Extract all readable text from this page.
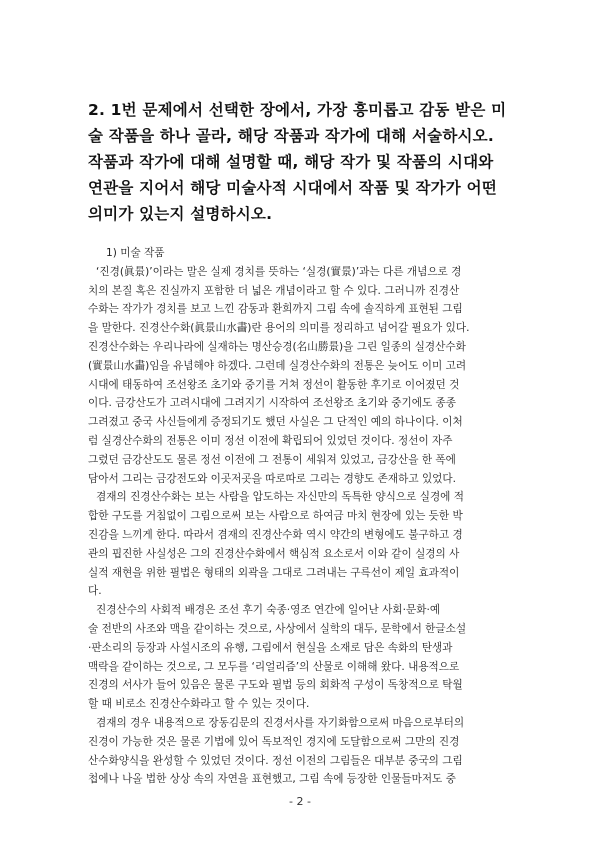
2. 1번 문제에서 선택한 장에서, 가장 흥미롭고 감동 받은 미

술 작품을 하나 골라, 해당 작품과 작가에 대해 서술하시오.

작품과 작가에 대해 설명할 때, 해당 작가 및 작품의 시대와

연관을 지어서 해당 미술사적 시대에서 작품 및 작가가 어떤

의미가 있는지 설명하시오.

1) 미술 작품

‘진경(眞景)’이라는 말은 실제 경치를 뜻하는 ‘실경(實景)’과는 다른 개념으로 경

치의 본질 혹은 진실까지 포함한 더 넓은 개념이라고 할 수 있다. 그러니까 진경산

수화는 작가가 경치를 보고 느낀 감동과 환희까지 그림 속에 솔직하게 표현된 그림

을 말한다. 진경산수화(眞景山水畵)란 용어의 의미를 정리하고 넘어갈 필요가 있다.

진경산수화는 우리나라에 실재하는 명산승경(名山勝景)을 그린 일종의 실경산수화

(實景山水畵)임을 유념해야 하겠다. 그런데 실경산수화의 전통은 늦어도 이미 고려

시대에 태동하여 조선왕조 초기와 중기를 거쳐 정선이 활동한 후기로 이어졌던 것

이다. 금강산도가 고려시대에 그려지기 시작하여 조선왕조 초기와 중기에도 종종

그려졌고 중국 사신들에게 증정되기도 했던 사실은 그 단적인 예의 하나이다. 이처

럼 실경산수화의 전통은 이미 정선 이전에 확립되어 있었던 것이다. 정선이 자주

그렸던 금강산도도 물론 정선 이전에 그 전통이 세워져 있었고, 금강산을 한 폭에

담아서 그리는 금강전도와 이곳저곳을 따로따로 그리는 경향도 존재하고 있었다.

겸재의 진경산수화는 보는 사람을 압도하는 자신만의 독특한 양식으로 실경에 적

합한 구도를 거침없이 그림으로써 보는 사람으로 하여금 마치 현장에 있는 듯한 박

진감을 느끼게 한다. 따라서 겸재의 진경산수화 역시 약간의 변형에도 불구하고 경

관의 핍진한 사실성은 그의 진경산수화에서 핵심적 요소로서 이와 같이 실경의 사

실적 재현을 위한 필법은 형태의 외곽을 그대로 그려내는 구륵선이 제일 효과적이

다.

진경산수의 사회적 배경은 조선 후기 숙종·영조 연간에 일어난 사회·문화·예

술 전반의 사조와 맥을 같이하는 것으로, 사상에서 실학의 대두, 문학에서 한글소설

·판소리의 등장과 사설시조의 유행, 그림에서 현실을 소재로 담은 속화의 탄생과

맥락을 같이하는 것으로, 그 모두를 ‘리얼리즘’의 산물로 이해해 왔다. 내용적으로

진경의 서사가 들어 있음은 물론 구도와 필법 등의 회화적 구성이 독창적으로 탁월

할 때 비로소 진경산수화라고 할 수 있는 것이다.

겸재의 경우 내용적으로 장동김문의 진경서사를 자기화함으로써 마음으로부터의

진경이 가능한 것은 물론 기법에 있어 독보적인 경지에 도달함으로써 그만의 진경

산수화양식을 완성할 수 있었던 것이다. 정선 이전의 그림들은 대부분 중국의 그림

첩에나 나올 법한 상상 속의 자연을 표현했고, 그림 속에 등장한 인물들마저도 중

- 2 -
